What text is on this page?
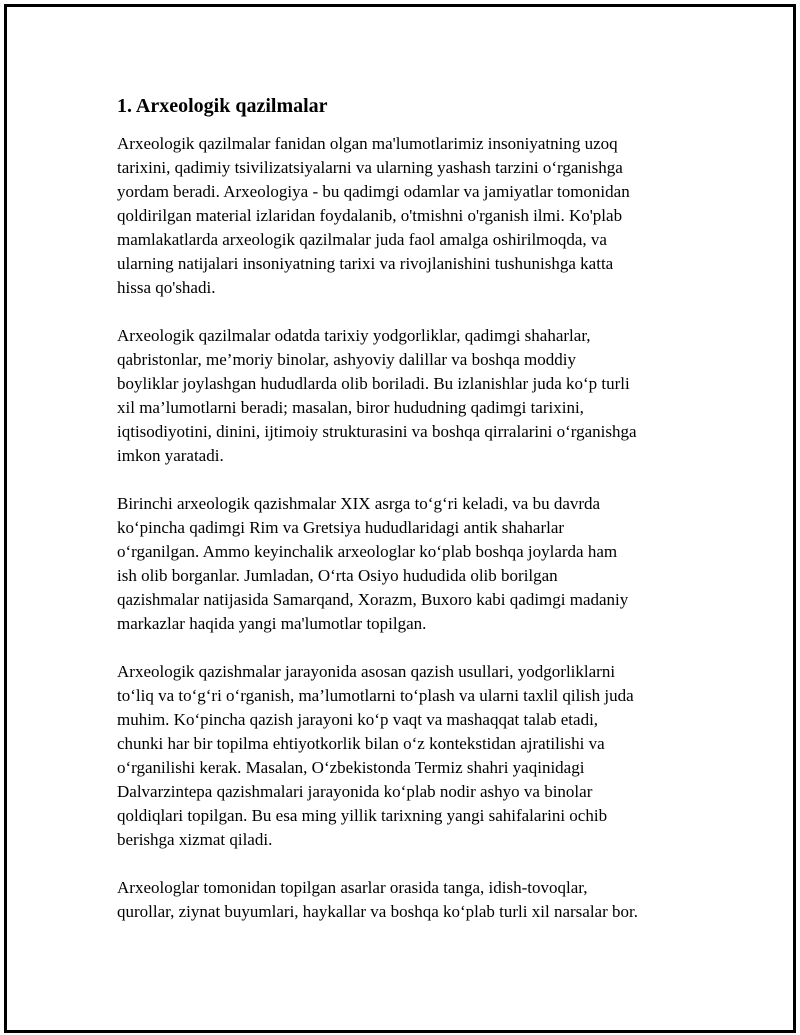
1. Arxeologik qazilmalar
Arxeologik qazilmalar fanidan olgan ma'lumotlarimiz insoniyatning uzoq
tarixini, qadimiy tsivilizatsiyalarni va ularning yashash tarzini oʻrganishga
yordam beradi. Arxeologiya - bu qadimgi odamlar va jamiyatlar tomonidan
qoldirilgan material izlaridan foydalanib, o'tmishni o'rganish ilmi. Ko'plab
mamlakatlarda arxeologik qazilmalar juda faol amalga oshirilmoqda, va
ularning natijalari insoniyatning tarixi va rivojlanishini tushunishga katta
hissa qo'shadi.
Arxeologik qazilmalar odatda tarixiy yodgorliklar, qadimgi shaharlar,
qabristonlar, me’moriy binolar, ashyoviy dalillar va boshqa moddiy
boyliklar joylashgan hududlarda olib boriladi. Bu izlanishlar juda koʻp turli
xil ma’lumotlarni beradi; masalan, biror hududning qadimgi tarixini,
iqtisodiyotini, dinini, ijtimoiy strukturasini va boshqa qirralarini oʻrganishga
imkon yaratadi.
Birinchi arxeologik qazishmalar XIX asrga toʻgʻri keladi, va bu davrda
koʻpincha qadimgi Rim va Gretsiya hududlaridagi antik shaharlar
oʻrganilgan. Ammo keyinchalik arxeologlar koʻplab boshqa joylarda ham
ish olib borganlar. Jumladan, Oʻrta Osiyo hududida olib borilgan
qazishmalar natijasida Samarqand, Xorazm, Buxoro kabi qadimgi madaniy
markazlar haqida yangi ma'lumotlar topilgan.
Arxeologik qazishmalar jarayonida asosan qazish usullari, yodgorliklarni
toʻliq va toʻgʻri oʻrganish, ma’lumotlarni toʻplash va ularni taxlil qilish juda
muhim. Koʻpincha qazish jarayoni koʻp vaqt va mashaqqat talab etadi,
chunki har bir topilma ehtiyotkorlik bilan oʻz kontekstidan ajratilishi va
oʻrganilishi kerak. Masalan, Oʻzbekistonda Termiz shahri yaqinidagi
Dalvarzintepa qazishmalari jarayonida koʻplab nodir ashyo va binolar
qoldiqlari topilgan. Bu esa ming yillik tarixning yangi sahifalarini ochib
berishga xizmat qiladi.
Arxeologlar tomonidan topilgan asarlar orasida tanga, idish-tovoqlar,
qurollar, ziynat buyumlari, haykallar va boshqa koʻplab turli xil narsalar bor.
